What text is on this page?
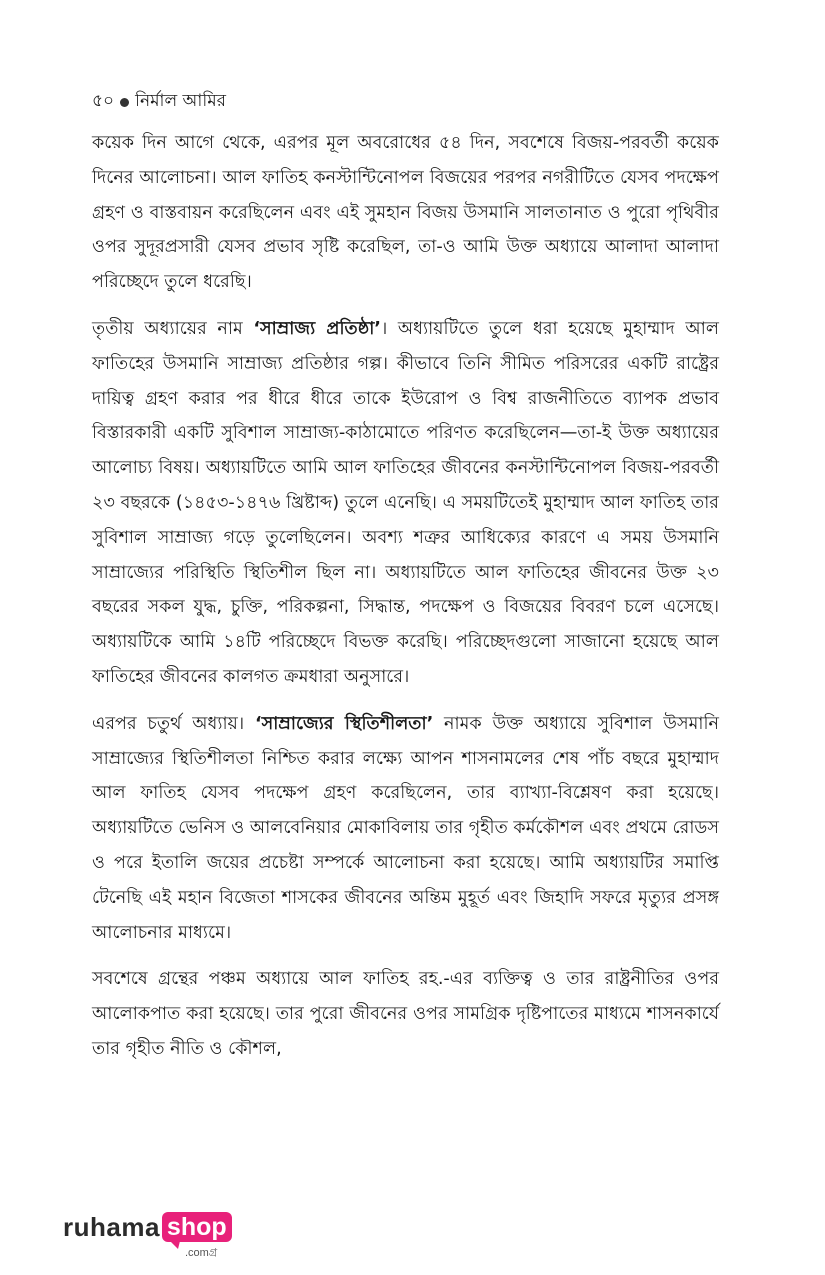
৫০ নির্মাল আমির

কয়েক দিন আগে থেকে, এরপর মূল অবরোধের ৫৪ দিন, সবশেষে বিজয়-পরবর্তী কয়েক দিনের আলোচনা। আল ফাতিহ কনস্টান্টিনোপল বিজয়ের পরপর নগরীটিতে যেসব পদক্ষেপ গ্রহণ ও বাস্তবায়ন করেছিলেন এবং এই সুমহান বিজয় উসমানি সালতানাত ও পুরো পৃথিবীর ওপর সুদূরপ্রসারী যেসব প্রভাব সৃষ্টি করেছিল, তা-ও আমি উক্ত অধ্যায়ে আলাদা আলাদা পরিচ্ছেদে তুলে ধরেছি।

তৃতীয় অধ্যায়ের নাম ‘সাম্রাজ্য প্রতিষ্ঠা’। অধ্যায়টিতে তুলে ধরা হয়েছে মুহাম্মাদ আল ফাতিহের উসমানি সাম্রাজ্য প্রতিষ্ঠার গল্প। কীভাবে তিনি সীমিত পরিসরের একটি রাষ্ট্রের দায়িত্ব গ্রহণ করার পর ধীরে ধীরে তাকে ইউরোপ ও বিশ্ব রাজনীতিতে ব্যাপক প্রভাব বিস্তারকারী একটি সুবিশাল সাম্রাজ্য-কাঠামোতে পরিণত করেছিলেন—তা-ই উক্ত অধ্যায়ের আলোচ্য বিষয়। অধ্যায়টিতে আমি আল ফাতিহের জীবনের কনস্টান্টিনোপল বিজয়-পরবর্তী ২৩ বছরকে (১৪৫৩-১৪৭৬ খ্রিষ্টাব্দ) তুলে এনেছি। এ সময়টিতেই মুহাম্মাদ আল ফাতিহ তার সুবিশাল সাম্রাজ্য গড়ে তুলেছিলেন। অবশ্য শত্রুর আধিক্যের কারণে এ সময় উসমানি সাম্রাজ্যের পরিস্থিতি স্থিতিশীল ছিল না। অধ্যায়টিতে আল ফাতিহের জীবনের উক্ত ২৩ বছরের সকল যুদ্ধ, চুক্তি, পরিকল্পনা, সিদ্ধান্ত, পদক্ষেপ ও বিজয়ের বিবরণ চলে এসেছে। অধ্যায়টিকে আমি ১৪টি পরিচ্ছেদে বিভক্ত করেছি। পরিচ্ছেদগুলো সাজানো হয়েছে আল ফাতিহের জীবনের কালগত ক্রমধারা অনুসারে।

এরপর চতুর্থ অধ্যায়। ‘সাম্রাজ্যের স্থিতিশীলতা’ নামক উক্ত অধ্যায়ে সুবিশাল উসমানি সাম্রাজ্যের স্থিতিশীলতা নিশ্চিত করার লক্ষ্যে আপন শাসনামলের শেষ পাঁচ বছরে মুহাম্মাদ আল ফাতিহ যেসব পদক্ষেপ গ্রহণ করেছিলেন, তার ব্যাখ্যা-বিশ্লেষণ করা হয়েছে। অধ্যায়টিতে ভেনিস ও আলবেনিয়ার মোকাবিলায় তার গৃহীত কর্মকৌশল এবং প্রথমে রোডস ও পরে ইতালি জয়ের প্রচেষ্টা সম্পর্কে আলোচনা করা হয়েছে। আমি অধ্যায়টির সমাপ্তি টেনেছি এই মহান বিজেতা শাসকের জীবনের অন্তিম মুহূর্ত এবং জিহাদি সফরে মৃত্যুর প্রসঙ্গ আলোচনার মাধ্যমে।

সবশেষে গ্রন্থের পঞ্চম অধ্যায়ে আল ফাতিহ রহ.-এর ব্যক্তিত্ব ও তার রাষ্ট্রনীতির ওপর আলোকপাত করা হয়েছে। তার পুরো জীবনের ওপর সামগ্রিক দৃষ্টিপাতের মাধ্যমে শাসনকার্যে তার গৃহীত নীতি ও কৌশল,

ruhama shop
.comগ্র
